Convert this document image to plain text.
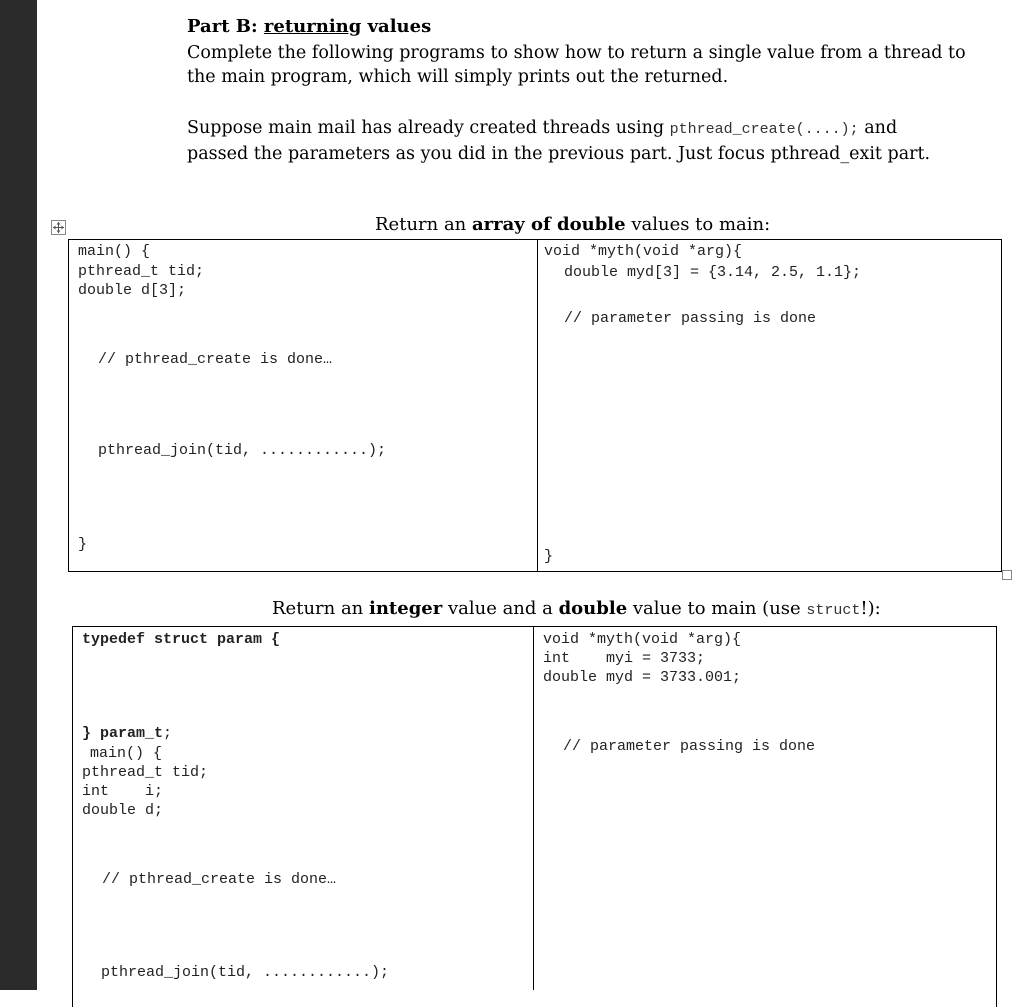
Part B: returning values
Complete the following programs to show how to return a single value from a thread to
the main program, which will simply prints out the returned.
Suppose main mail has already created threads using pthread_create(....); and
passed the parameters as you did in the previous part. Just focus pthread_exit part.
Return an array of double values to main:
main() {
pthread_t tid;
double d[3];
// pthread_create is done…
pthread_join(tid, ............);
}
void *myth(void *arg){
double myd[3] = {3.14, 2.5, 1.1};
// parameter passing is done
}
Return an integer value and a double value to main (use struct!):
typedef struct param {
} param_t;
main() {
pthread_t tid;
int    i;
double d;
// pthread_create is done…
pthread_join(tid, ............);
void *myth(void *arg){
int    myi = 3733;
double myd = 3733.001;
// parameter passing is done
